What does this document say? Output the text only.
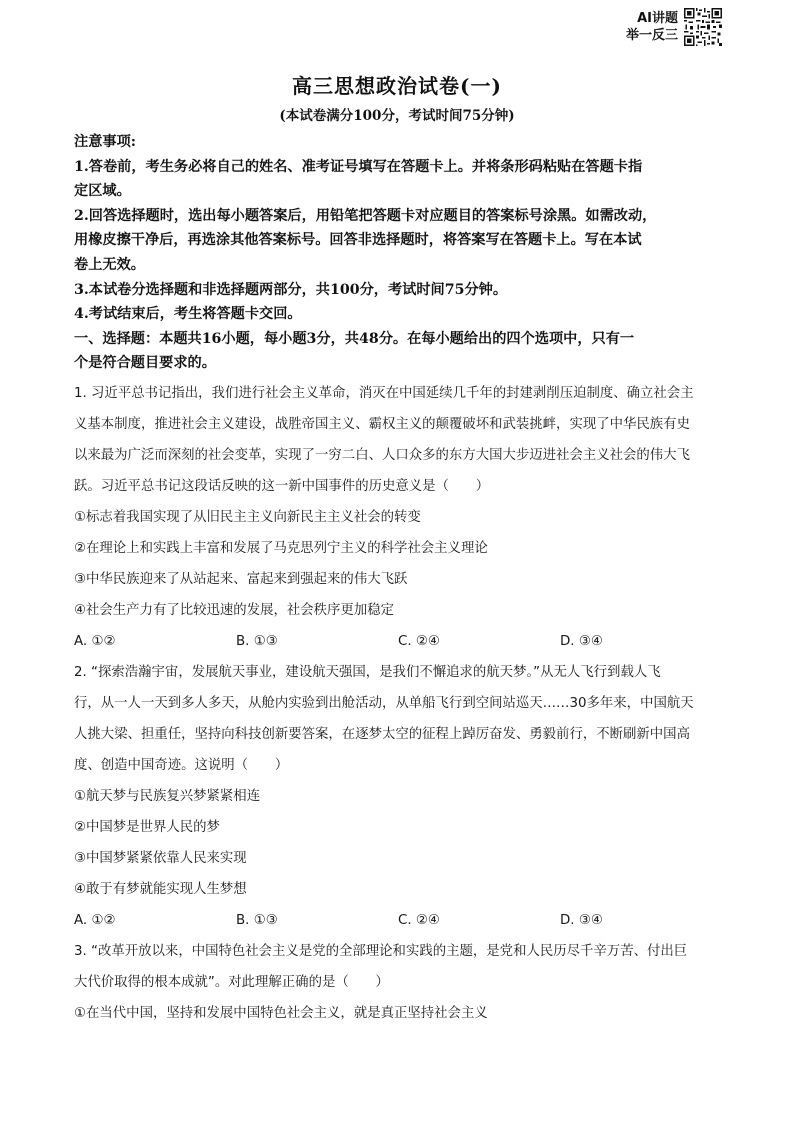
AI讲题
举一反三
高三思想政治试卷(一)
(本试卷满分100分，考试时间75分钟)
注意事项:
1.答卷前，考生务必将自己的姓名、准考证号填写在答题卡上。并将条形码粘贴在答题卡指
定区域。
2.回答选择题时，选出每小题答案后，用铅笔把答题卡对应题目的答案标号涂黑。如需改动，
用橡皮擦干净后，再选涂其他答案标号。回答非选择题时，将答案写在答题卡上。写在本试
卷上无效。
3.本试卷分选择题和非选择题两部分，共100分，考试时间75分钟。
4.考试结束后，考生将答题卡交回。
一、选择题：本题共16小题，每小题3分，共48分。在每小题给出的四个选项中，只有一
个是符合题目要求的。
1. 习近平总书记指出，我们进行社会主义革命，消灭在中国延续几千年的封建剥削压迫制度、确立社会主
义基本制度，推进社会主义建设，战胜帝国主义、霸权主义的颠覆破坏和武装挑衅，实现了中华民族有史
以来最为广泛而深刻的社会变革，实现了一穷二白、人口众多的东方大国大步迈进社会主义社会的伟大飞
跃。习近平总书记这段话反映的这一新中国事件的历史意义是（　　）
①标志着我国实现了从旧民主主义向新民主主义社会的转变
②在理论上和实践上丰富和发展了马克思列宁主义的科学社会主义理论
③中华民族迎来了从站起来、富起来到强起来的伟大飞跃
④社会生产力有了比较迅速的发展，社会秩序更加稳定
A. ①②	B. ①③	C. ②④	D. ③④
2. “探索浩瀚宇宙，发展航天事业，建设航天强国，是我们不懈追求的航天梦。”从无人飞行到载人飞
行，从一人一天到多人多天，从舱内实验到出舱活动，从单船飞行到空间站巡天……30多年来，中国航天
人挑大梁、担重任，坚持向科技创新要答案，在逐梦太空的征程上踔厉奋发、勇毅前行，不断刷新中国高
度、创造中国奇迹。这说明（　　）
①航天梦与民族复兴梦紧紧相连
②中国梦是世界人民的梦
③中国梦紧紧依靠人民来实现
④敢于有梦就能实现人生梦想
A. ①②	B. ①③	C. ②④	D. ③④
3. “改革开放以来，中国特色社会主义是党的全部理论和实践的主题，是党和人民历尽千辛万苦、付出巨
大代价取得的根本成就”。对此理解正确的是（　　）
①在当代中国，坚持和发展中国特色社会主义，就是真正坚持社会主义
